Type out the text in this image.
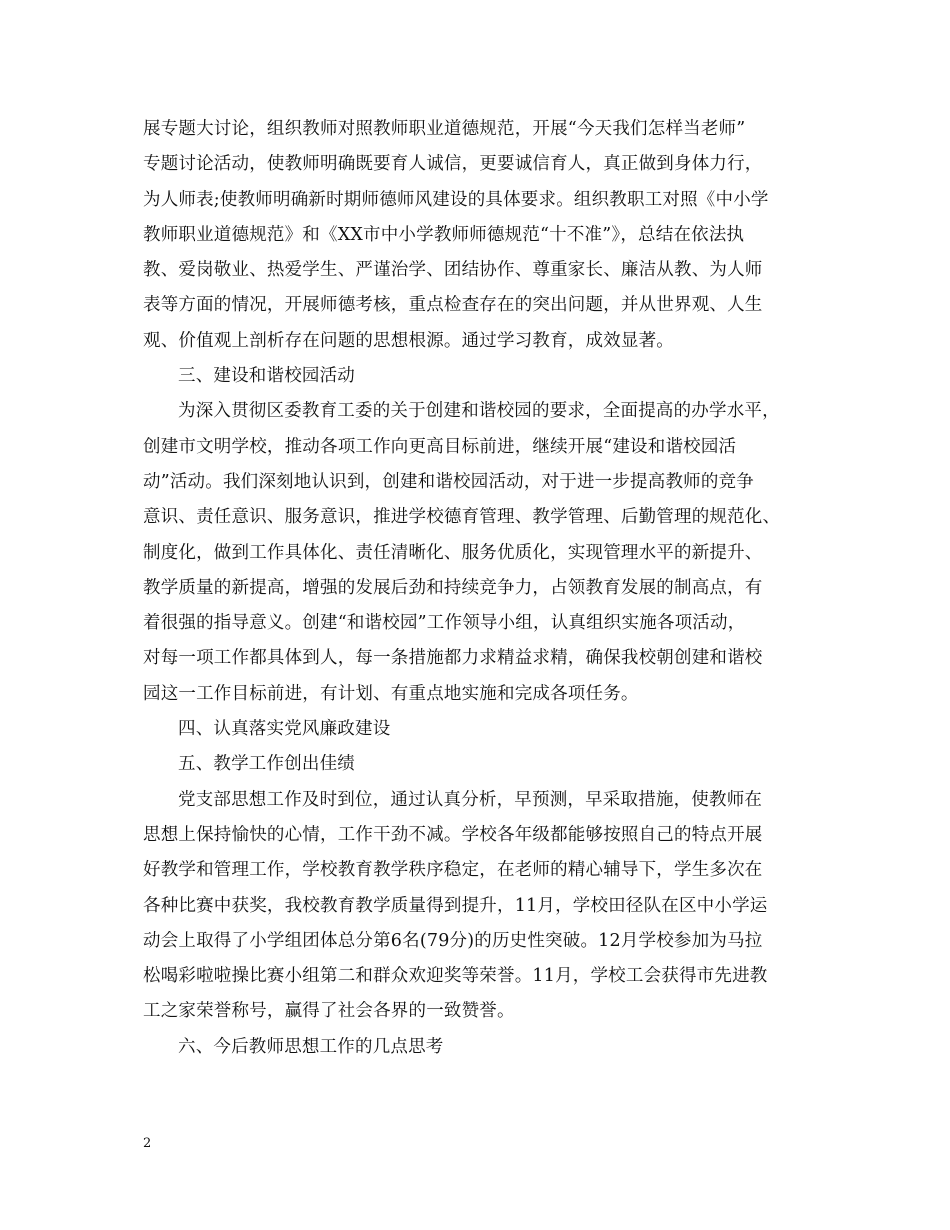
展专题大讨论，组织教师对照教师职业道德规范，开展“今天我们怎样当老师”
专题讨论活动，使教师明确既要育人诚信，更要诚信育人，真正做到身体力行，
为人师表;使教师明确新时期师德师风建设的具体要求。组织教职工对照《中小学
教师职业道德规范》和《XX市中小学教师师德规范“十不准”》，总结在依法执
教、爱岗敬业、热爱学生、严谨治学、团结协作、尊重家长、廉洁从教、为人师
表等方面的情况，开展师德考核，重点检查存在的突出问题，并从世界观、人生
观、价值观上剖析存在问题的思想根源。通过学习教育，成效显著。
三、建设和谐校园活动
为深入贯彻区委教育工委的关于创建和谐校园的要求，全面提高的办学水平，
创建市文明学校，推动各项工作向更高目标前进，继续开展“建设和谐校园活
动”活动。我们深刻地认识到，创建和谐校园活动，对于进一步提高教师的竞争
意识、责任意识、服务意识，推进学校德育管理、教学管理、后勤管理的规范化、
制度化，做到工作具体化、责任清晰化、服务优质化，实现管理水平的新提升、
教学质量的新提高，增强的发展后劲和持续竞争力，占领教育发展的制高点，有
着很强的指导意义。创建“和谐校园”工作领导小组，认真组织实施各项活动，
对每一项工作都具体到人，每一条措施都力求精益求精，确保我校朝创建和谐校
园这一工作目标前进，有计划、有重点地实施和完成各项任务。
四、认真落实党风廉政建设
五、教学工作创出佳绩
党支部思想工作及时到位，通过认真分析，早预测，早采取措施，使教师在
思想上保持愉快的心情，工作干劲不减。学校各年级都能够按照自己的特点开展
好教学和管理工作，学校教育教学秩序稳定，在老师的精心辅导下，学生多次在
各种比赛中获奖，我校教育教学质量得到提升，11月，学校田径队在区中小学运
动会上取得了小学组团体总分第6名(79分)的历史性突破。12月学校参加为马拉
松喝彩啦啦操比赛小组第二和群众欢迎奖等荣誉。11月，学校工会获得市先进教
工之家荣誉称号，赢得了社会各界的一致赞誉。
六、今后教师思想工作的几点思考
2
